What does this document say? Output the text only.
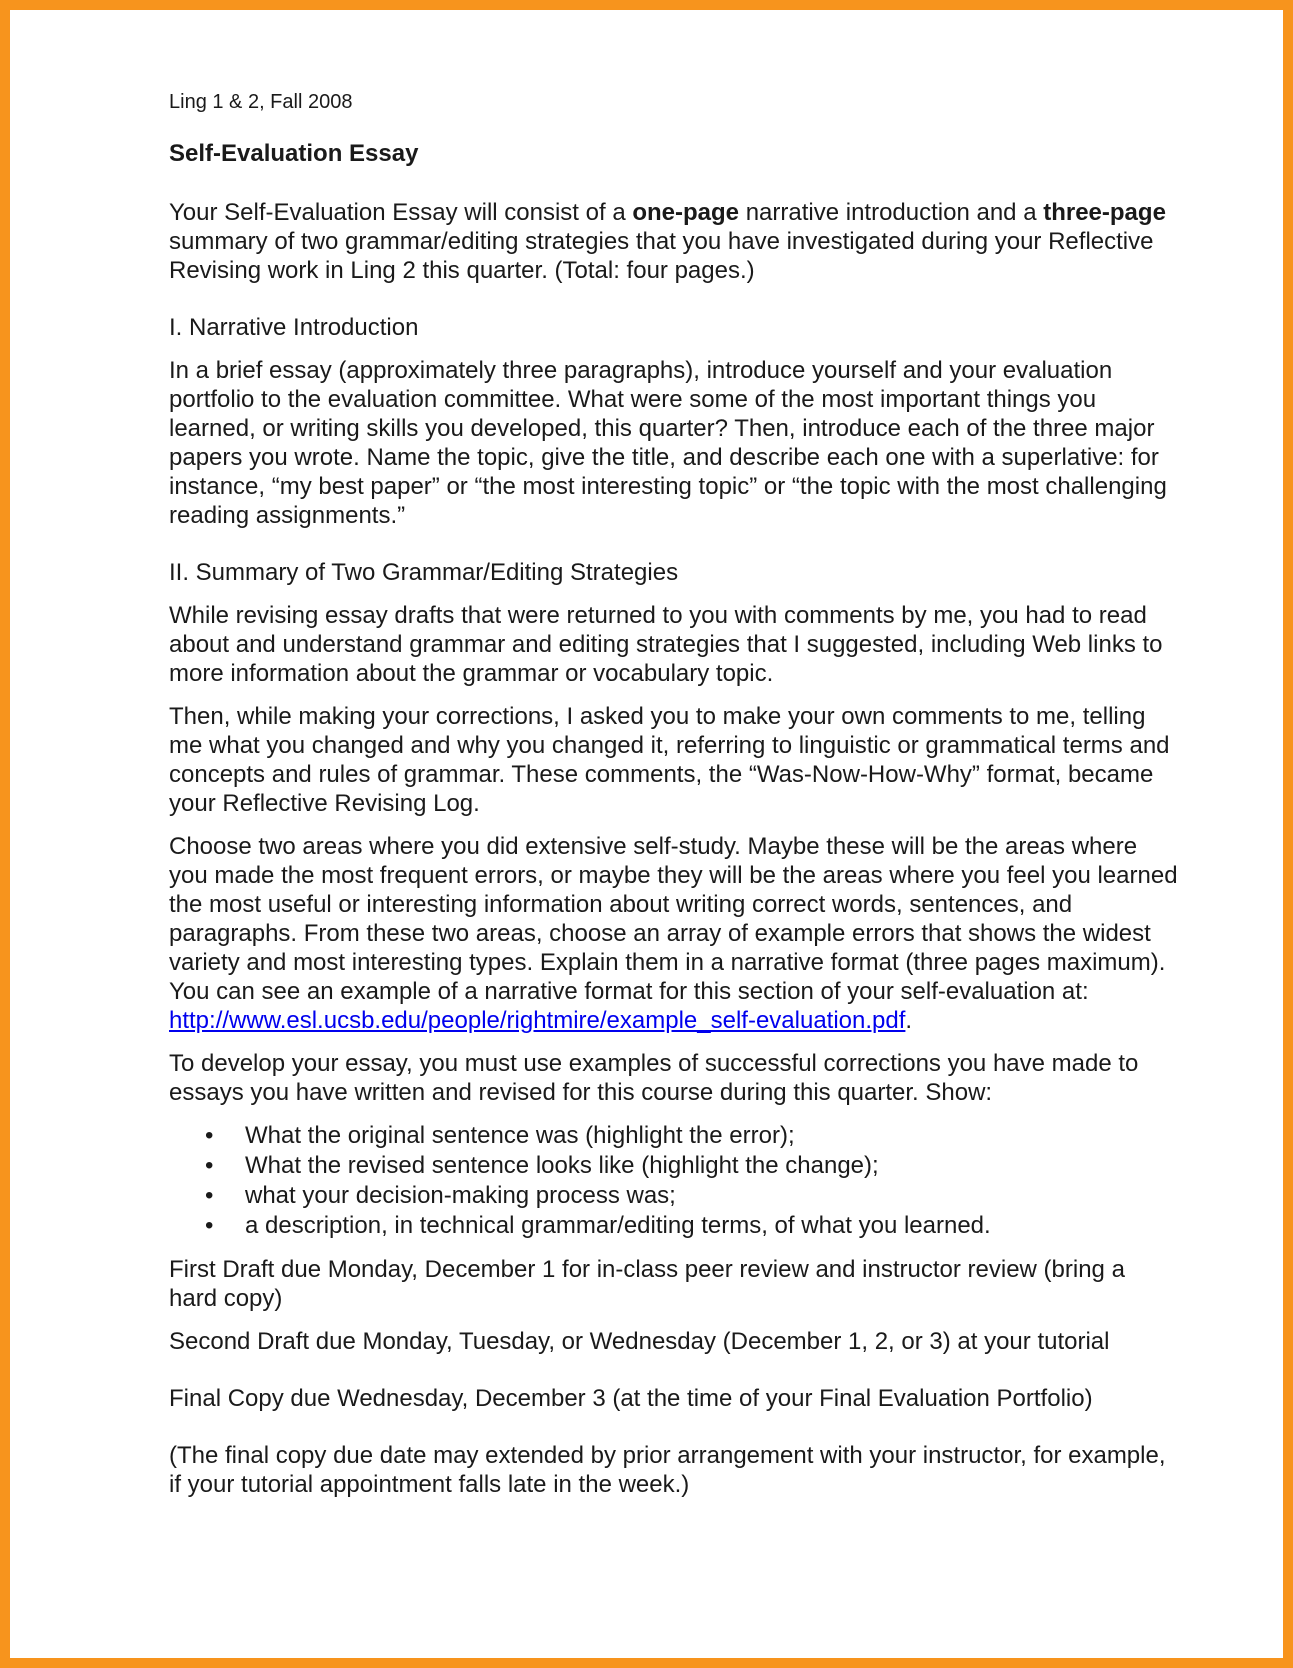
Ling 1 & 2, Fall 2008
Self-Evaluation Essay

Your Self-Evaluation Essay will consist of a one-page narrative introduction and a three-page summary of two grammar/editing strategies that you have investigated during your Reflective Revising work in Ling 2 this quarter. (Total: four pages.)

I. Narrative Introduction

In a brief essay (approximately three paragraphs), introduce yourself and your evaluation portfolio to the evaluation committee. What were some of the most important things you learned, or writing skills you developed, this quarter? Then, introduce each of the three major papers you wrote. Name the topic, give the title, and describe each one with a superlative: for instance, “my best paper” or “the most interesting topic” or “the topic with the most challenging reading assignments.”

II. Summary of Two Grammar/Editing Strategies

While revising essay drafts that were returned to you with comments by me, you had to read about and understand grammar and editing strategies that I suggested, including Web links to more information about the grammar or vocabulary topic.

Then, while making your corrections, I asked you to make your own comments to me, telling me what you changed and why you changed it, referring to linguistic or grammatical terms and concepts and rules of grammar. These comments, the “Was-Now-How-Why” format, became your Reflective Revising Log.

Choose two areas where you did extensive self-study. Maybe these will be the areas where you made the most frequent errors, or maybe they will be the areas where you feel you learned the most useful or interesting information about writing correct words, sentences, and paragraphs. From these two areas, choose an array of example errors that shows the widest variety and most interesting types. Explain them in a narrative format (three pages maximum). You can see an example of a narrative format for this section of your self-evaluation at:
http://www.esl.ucsb.edu/people/rightmire/example_self-evaluation.pdf.

To develop your essay, you must use examples of successful corrections you have made to essays you have written and revised for this course during this quarter. Show:

• What the original sentence was (highlight the error);
• What the revised sentence looks like (highlight the change);
• what your decision-making process was;
• a description, in technical grammar/editing terms, of what you learned.

First Draft due Monday, December 1 for in-class peer review and instructor review (bring a hard copy)

Second Draft due Monday, Tuesday, or Wednesday (December 1, 2, or 3) at your tutorial

Final Copy due Wednesday, December 3 (at the time of your Final Evaluation Portfolio)

(The final copy due date may extended by prior arrangement with your instructor, for example, if your tutorial appointment falls late in the week.)
